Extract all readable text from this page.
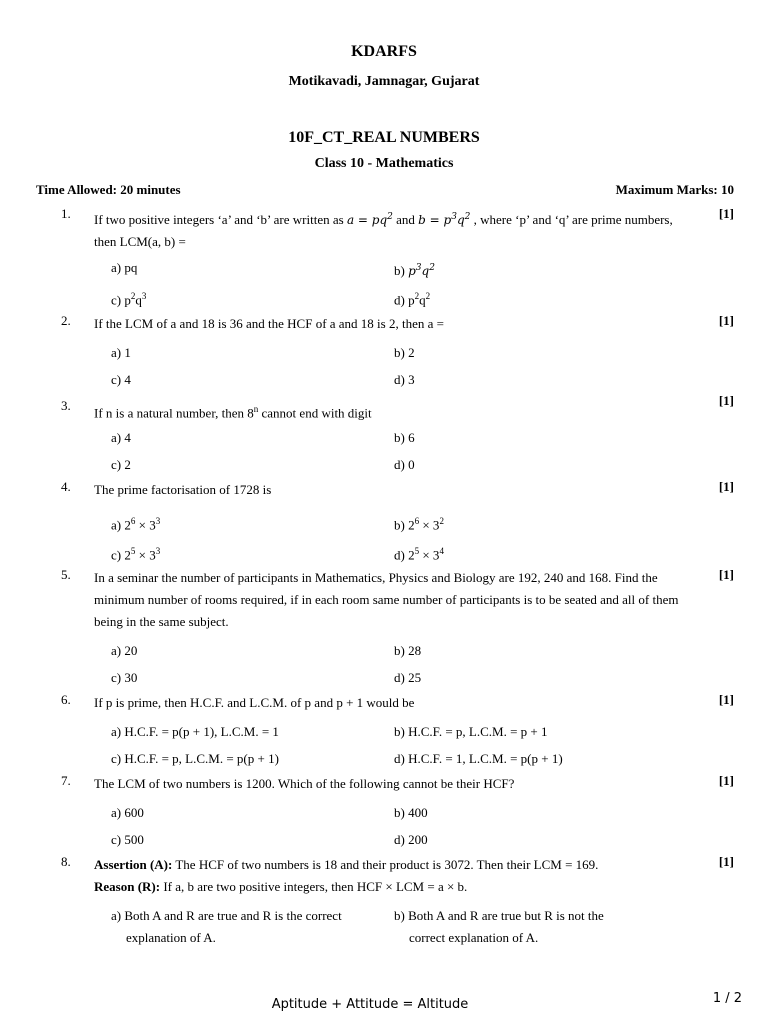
KDARFS
Motikavadi, Jamnagar, Gujarat
10F_CT_REAL NUMBERS
Class 10 - Mathematics
Time Allowed: 20 minutes	Maximum Marks: 10
1. If two positive integers ‘a’ and ‘b’ are written as $a = pq^2$ and $b = p^3q^2$ , where ‘p’ and ‘q’ are prime numbers,
then LCM(a, b) =
[1]
a) pq	b) $p^3q^2$
c) $p^2q^3$	d) $p^2q^2$
2. If the LCM of a and 18 is 36 and the HCF of a and 18 is 2, then a =	[1]
a) 1	b) 2
c) 4	d) 3
3. If n is a natural number, then 8$^n$ cannot end with digit
[1]
a) 4	b) 6
c) 2	d) 0
4. The prime factorisation of 1728 is	[1]
a) $2^6 \times 3^3$	b) $2^6 \times 3^2$
c) $2^5 \times 3^3$	d) $2^5 \times 3^4$
5. In a seminar the number of participants in Mathematics, Physics and Biology are 192, 240 and 168. Find the minimum number of rooms required, if in each room same number of participants is to be seated and all of them being in the same subject.
[1]
a) 20	b) 28
c) 30	d) 25
6. If p is prime, then H.C.F. and L.C.M. of p and p + 1 would be	[1]
a) H.C.F. = p(p + 1), L.C.M. = 1	b) H.C.F. = p, L.C.M. = p + 1
c) H.C.F. = p, L.C.M. = p(p + 1)	d) H.C.F. = 1, L.C.M. = p(p + 1)
7. The LCM of two numbers is 1200. Which of the following cannot be their HCF?	[1]
a) 600	b) 400
c) 500	d) 200
8. Assertion (A): The HCF of two numbers is 18 and their product is 3072. Then their LCM = 169.
Reason (R): If a, b are two positive integers, then HCF × LCM = a × b.
[1]
a) Both A and R are true and R is the correct
explanation of A.
b) Both A and R are true but R is not the
correct explanation of A.
Aptitude + Attitude = Altitude	1 / 2
